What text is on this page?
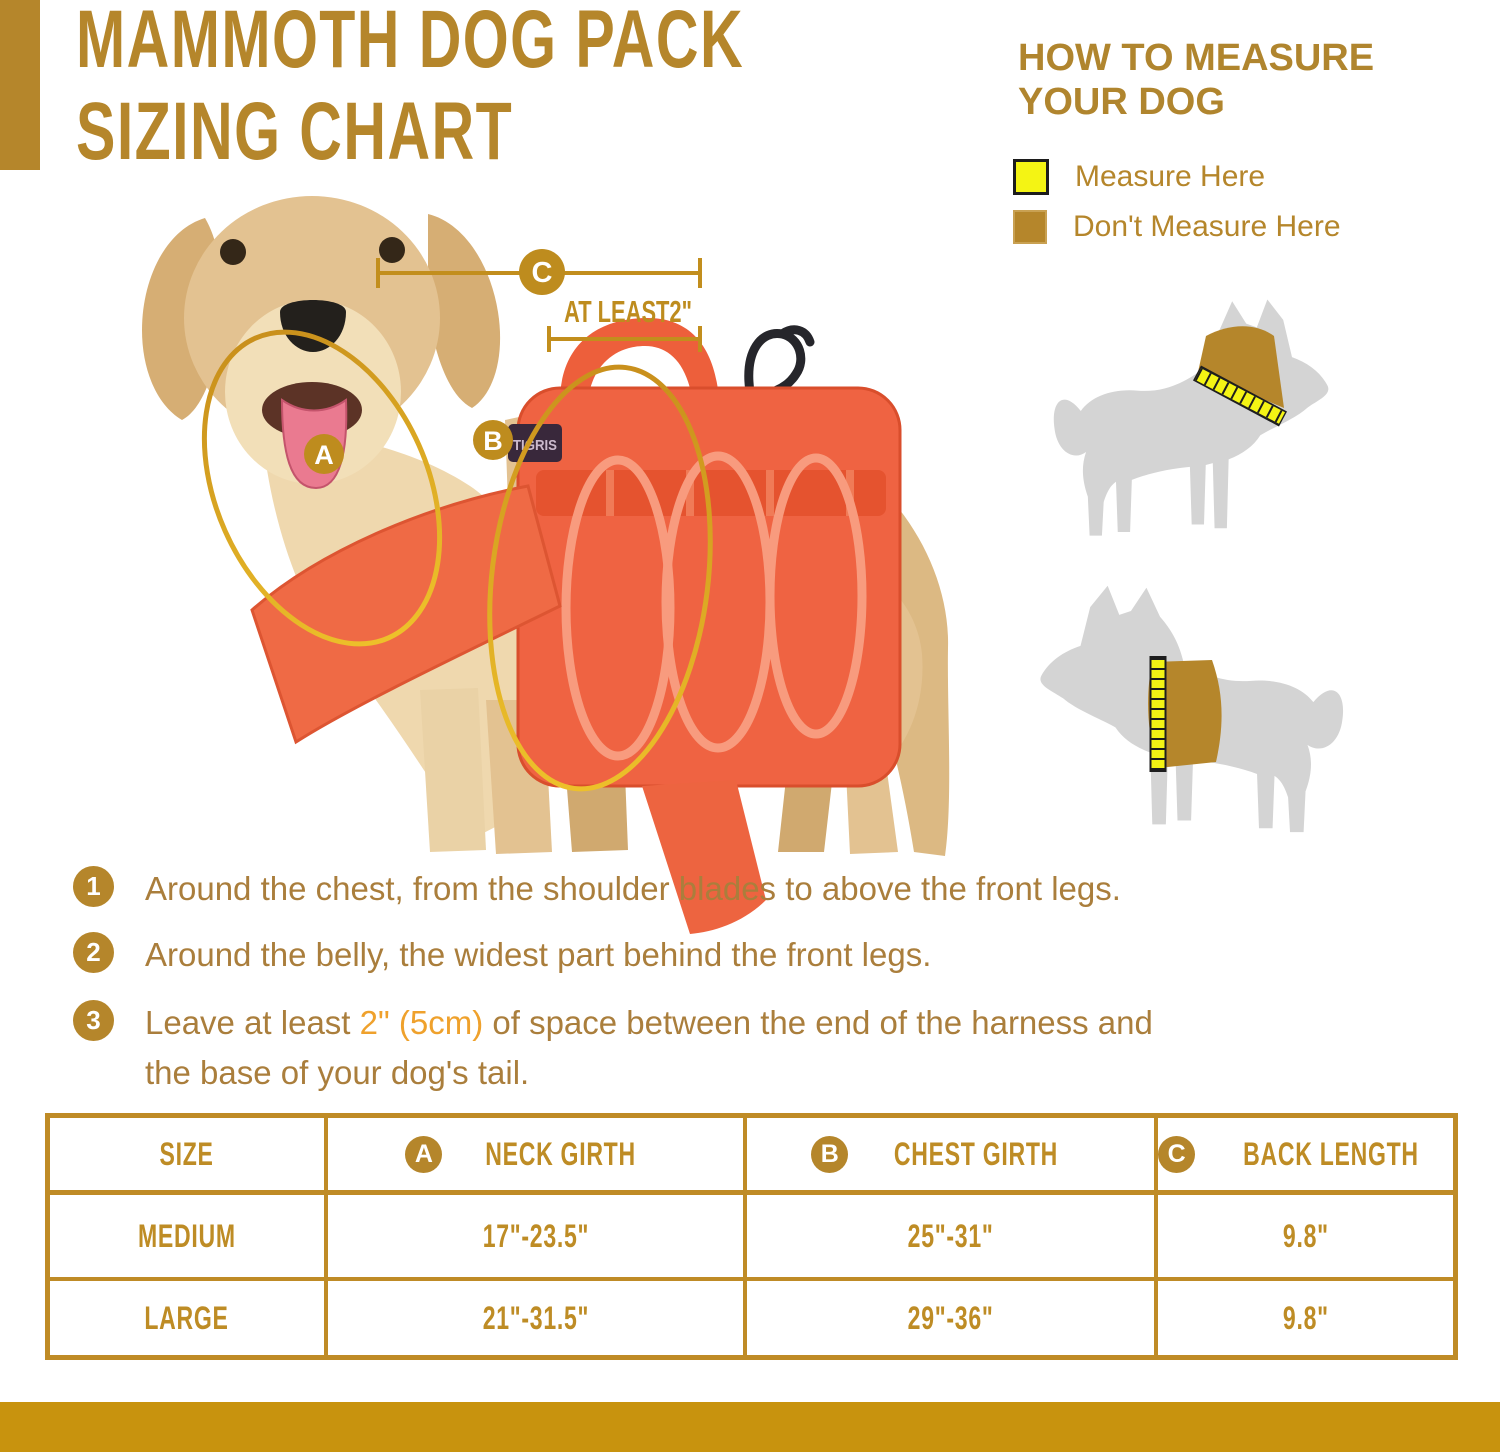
TIGRIS
AT LEAST2"
C
A	B
MAMMOTH DOG PACK
SIZING CHART
HOW TO MEASURE
YOUR DOG
Measure Here
Don't Measure Here
1	Around the chest, from the shoulder blades to above the front legs.
2	Around the belly, the widest part behind the front legs.
3	Leave at least 2" (5cm) of space between the end of the harness and
the base of your dog's tail.
SIZE	A NECK GIRTH	B CHEST GIRTH	C BACK LENGTH

MEDIUM	17"-23.5"	25"-31"	9.8"
LARGE	21"-31.5"	29"-36"	9.8"
